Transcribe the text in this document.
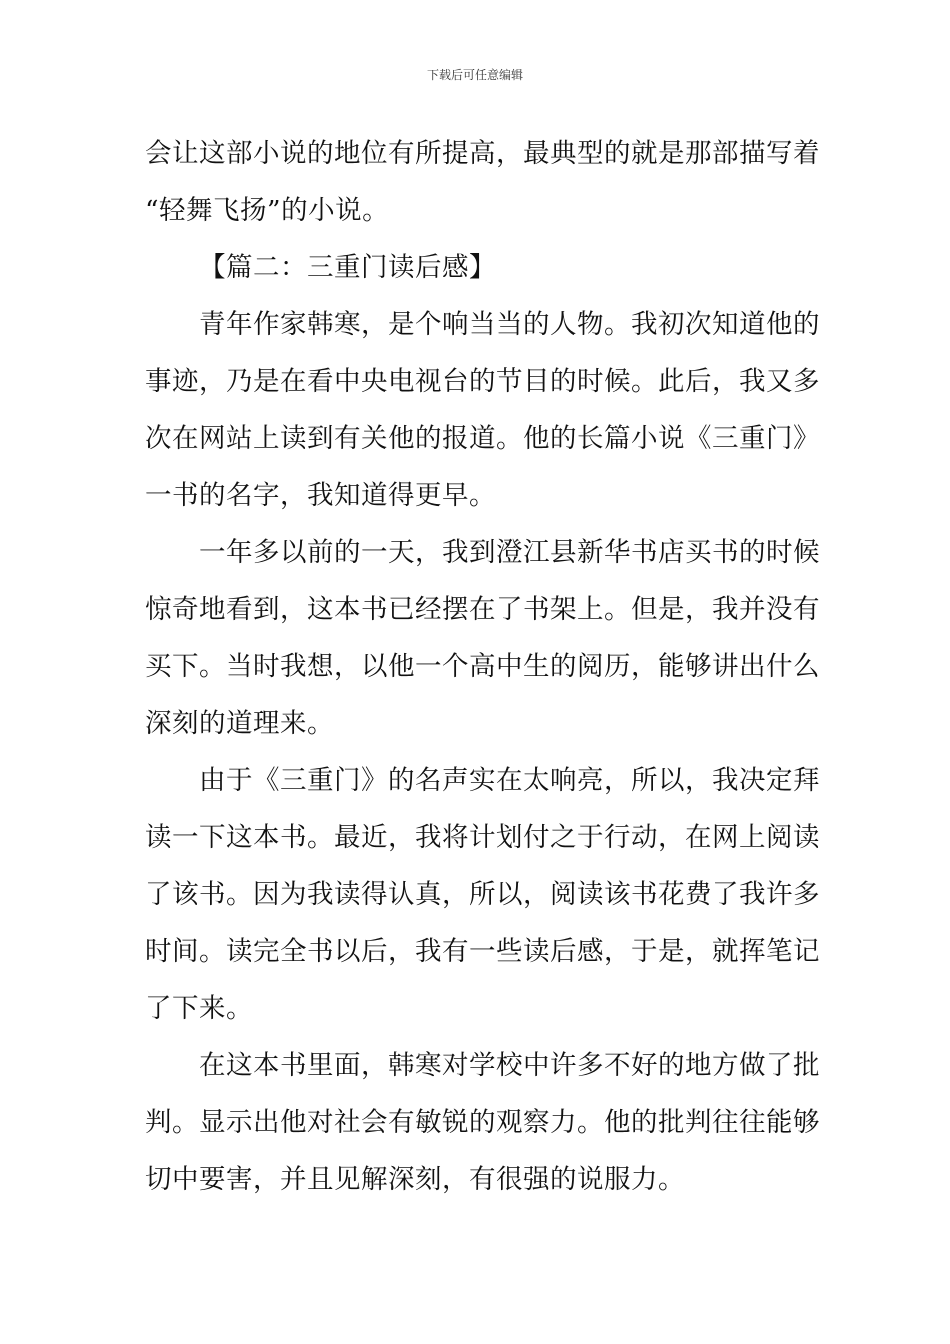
下载后可任意编辑
会让这部小说的地位有所提高，最典型的就是那部描写着
“轻舞飞扬”的小说。
【篇二：三重门读后感】
青年作家韩寒，是个响当当的人物。我初次知道他的
事迹，乃是在看中央电视台的节目的时候。此后，我又多
次在网站上读到有关他的报道。他的长篇小说《三重门》
一书的名字，我知道得更早。
一年多以前的一天，我到澄江县新华书店买书的时候
惊奇地看到，这本书已经摆在了书架上。但是，我并没有
买下。当时我想，以他一个高中生的阅历，能够讲出什么
深刻的道理来。
由于《三重门》的名声实在太响亮，所以，我决定拜
读一下这本书。最近，我将计划付之于行动，在网上阅读
了该书。因为我读得认真，所以，阅读该书花费了我许多
时间。读完全书以后，我有一些读后感，于是，就挥笔记
了下来。
在这本书里面，韩寒对学校中许多不好的地方做了批
判。显示出他对社会有敏锐的观察力。他的批判往往能够
切中要害，并且见解深刻，有很强的说服力。
